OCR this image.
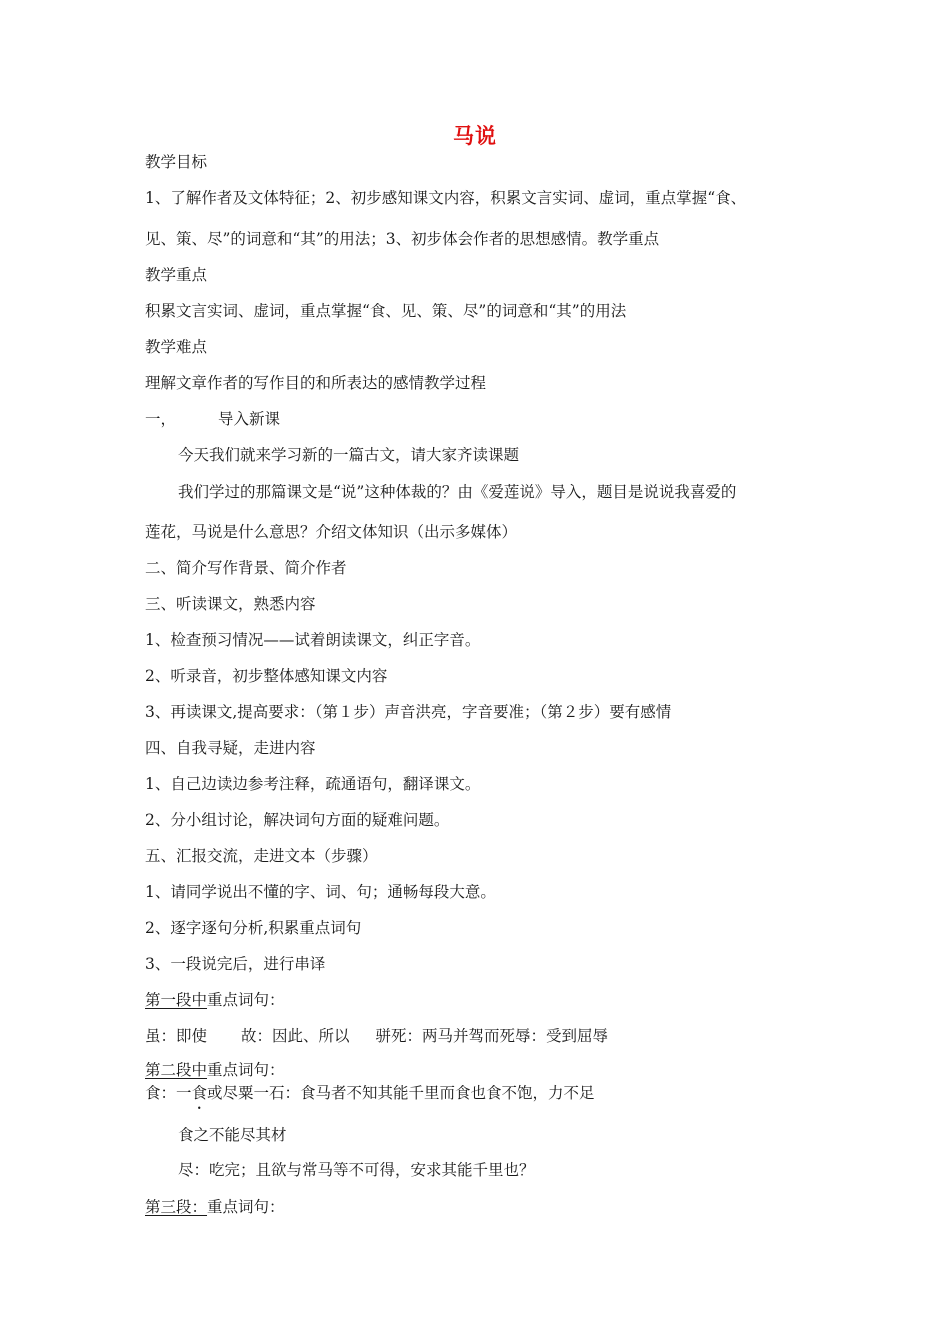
马说
教学目标
1、了解作者及文体特征；2、初步感知课文内容，积累文言实词、虚词，重点掌握“食、
见、策、尽”的词意和“其”的用法；3、初步体会作者的思想感情。教学重点
教学重点
积累文言实词、虚词，重点掌握“食、见、策、尽”的词意和“其”的用法
教学难点
理解文章作者的写作目的和所表达的感情教学过程
一，	导入新课
今天我们就来学习新的一篇古文，请大家齐读课题
我们学过的那篇课文是“说”这种体裁的？由《爱莲说》导入，题目是说说我喜爱的
莲花，马说是什么意思？介绍文体知识（出示多媒体）
二、简介写作背景、简介作者
三、听读课文，熟悉内容
1、检查预习情况——试着朗读课文，纠正字音。
2、听录音，初步整体感知课文内容
3、再读课文,提高要求：（第１步）声音洪亮，字音要准；（第２步）要有感情
四、自我寻疑，走进内容
1、自己边读边参考注释，疏通语句，翻译课文。
2、分小组讨论，解决词句方面的疑难问题。
五、汇报交流，走进文本（步骤）
1、请同学说出不懂的字、词、句；通畅每段大意。
2、逐字逐句分析,积累重点词句
3、一段说完后，进行串译
第一段中重点词句：
虽：即使 故：因此、所以 骈死：两马并驾而死辱：受到屈辱
第二段中重点词句：
食：一食或尽粟一石：食马者不知其能千里而食也食不饱，力不足
食之不能尽其材
尽：吃完；且欲与常马等不可得，安求其能千里也？
第三段：重点词句：
